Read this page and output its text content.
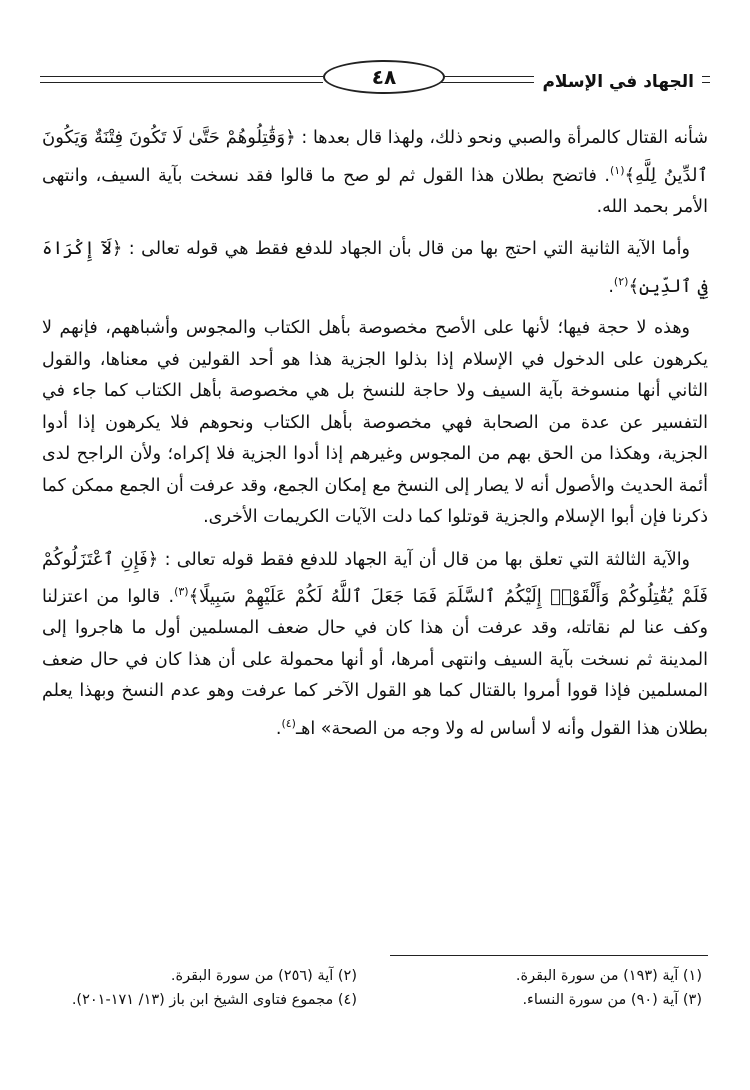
٤٨	الجهاد في الإسلام

شأنه القتال كالمرأة والصبي ونحو ذلك، ولهذا قال بعدها : ﴿وَقَٰتِلُوهُمْ حَتَّىٰ لَا تَكُونَ فِتْنَةٌ وَيَكُونَ ٱلدِّينُ لِلَّهِ﴾$^{(١)}$. فاتضح بطلان هذا القول ثم لو صح ما قالوا فقد نسخت بآية السيف، وانتهى الأمر بحمد الله.

وأما الآية الثانية التي احتج بها من قال بأن الجهاد للدفع فقط هي قوله تعالى : ﴿لَآ إِكْرَاهَ فِي ٱلدِّينِ﴾$^{(٢)}$.

وهذه لا حجة فيها؛ لأنها على الأصح مخصوصة بأهل الكتاب والمجوس وأشباههم، فإنهم لا يكرهون على الدخول في الإسلام إذا بذلوا الجزية هذا هو أحد القولين في معناها، والقول الثاني أنها منسوخة بآية السيف ولا حاجة للنسخ بل هي مخصوصة بأهل الكتاب كما جاء في التفسير عن عدة من الصحابة فهي مخصوصة بأهل الكتاب ونحوهم فلا يكرهون إذا أدوا الجزية، وهكذا من الحق بهم من المجوس وغيرهم إذا أدوا الجزية فلا إكراه؛ ولأن الراجح لدى أئمة الحديث والأصول أنه لا يصار إلى النسخ مع إمكان الجمع، وقد عرفت أن الجمع ممكن كما ذكرنا فإن أبوا الإسلام والجزية قوتلوا كما دلت الآيات الكريمات الأخرى.

والآية الثالثة التي تعلق بها من قال أن آية الجهاد للدفع فقط قوله تعالى : ﴿فَإِنِ ٱعْتَزَلُوكُمْ فَلَمْ يُقَٰتِلُوكُمْ وَأَلْقَوْا۟ إِلَيْكُمُ ٱلسَّلَمَ فَمَا جَعَلَ ٱللَّهُ لَكُمْ عَلَيْهِمْ سَبِيلًا﴾$^{(٣)}$. قالوا من اعتزلنا وكف عنا لم نقاتله، وقد عرفت أن هذا كان في حال ضعف المسلمين أول ما هاجروا إلى المدينة ثم نسخت بآية السيف وانتهى أمرها، أو أنها محمولة على أن هذا كان في حال ضعف المسلمين فإذا قووا أمروا بالقتال كما هو القول الآخر كما عرفت وهو عدم النسخ وبهذا يعلم بطلان هذا القول وأنه لا أساس له ولا وجه من الصحة» اهـ$^{(٤)}$.

(١) آية (١٩٣) من سورة البقرة.
(٢) آية (٢٥٦) من سورة البقرة.
(٣) آية (٩٠) من سورة النساء.
(٤) مجموع فتاوى الشيخ ابن باز (١٣/ ١٧١-٢٠١).
